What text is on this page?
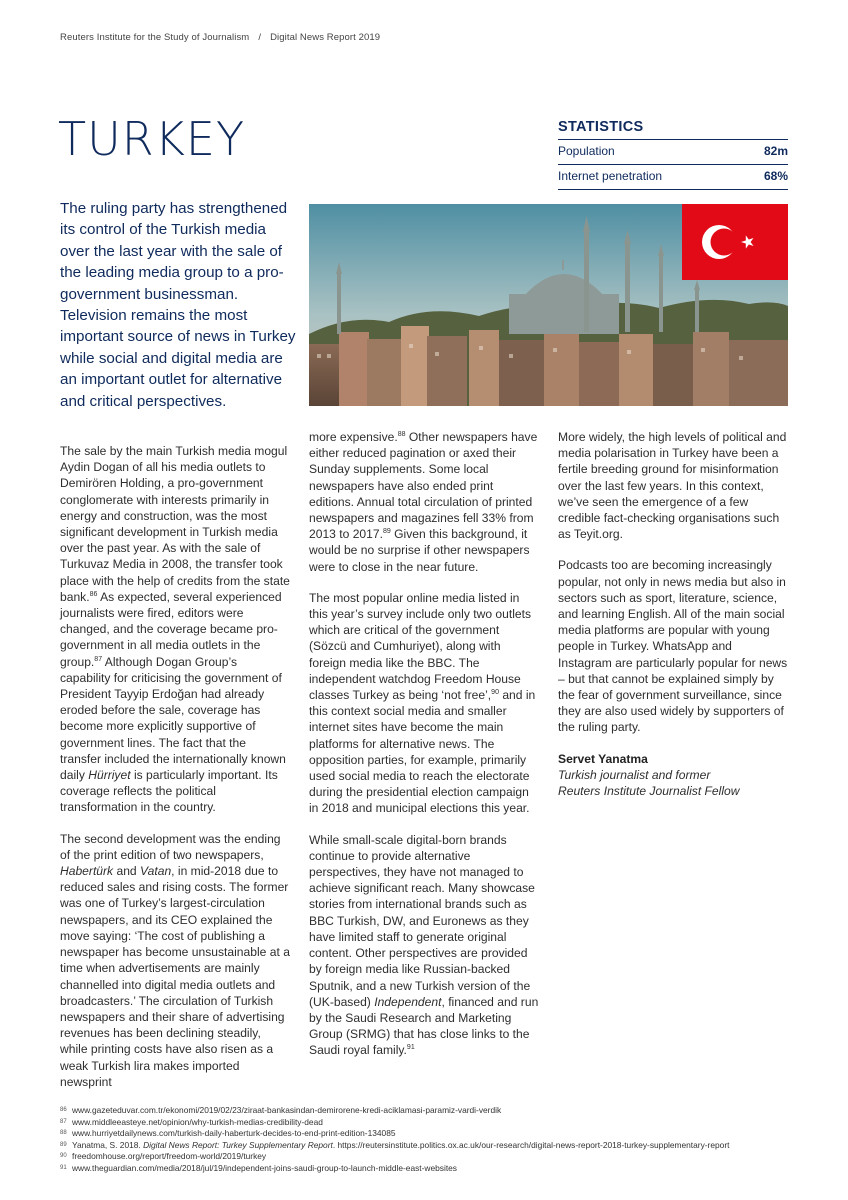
Reuters Institute for the Study of Journalism / Digital News Report 2019
TURKEY	STATISTICS
Population	82m
Internet penetration	68%
The ruling party has strengthened its control of the Turkish media over the last year with the sale of the leading media group to a pro-government businessman. Television remains the most important source of news in Turkey while social and digital media are an important outlet for alternative and critical perspectives.

The sale by the main Turkish media mogul Aydin Dogan of all his media outlets to Demirören Holding, a pro-government conglomerate with interests primarily in energy and construction, was the most significant development in Turkish media over the past year. As with the sale of Turkuvaz Media in 2008, the transfer took place with the help of credits from the state bank.$^{86}$ As expected, several experienced journalists were fired, editors were changed, and the coverage became pro-government in all media outlets in the group.$^{87}$ Although Dogan Group’s capability for criticising the government of President Tayyip Erdoğan had already eroded before the sale, coverage has become more explicitly supportive of government lines. The fact that the transfer included the internationally known daily Hürriyet is particularly important. Its coverage reflects the political transformation in the country.

The second development was the ending of the print edition of two newspapers, Habertürk and Vatan, in mid-2018 due to reduced sales and rising costs. The former was one of Turkey’s largest-circulation newspapers, and its CEO explained the move saying: ‘The cost of publishing a newspaper has become unsustainable at a time when advertisements are mainly channelled into digital media outlets and broadcasters.’ The circulation of Turkish newspapers and their share of advertising revenues has been declining steadily, while printing costs have also risen as a weak Turkish lira makes imported newsprint

more expensive.$^{88}$ Other newspapers have either reduced pagination or axed their Sunday supplements. Some local newspapers have also ended print editions. Annual total circulation of printed newspapers and magazines fell 33% from 2013 to 2017.89 Given this background, it would be no surprise if other newspapers were to close in the near future.

The most popular online media listed in this year’s survey include only two outlets which are critical of the government (Sözcü and Cumhuriyet), along with foreign media like the BBC. The independent watchdog Freedom House classes Turkey as being ‘not free’,$^{90}$ and in this context social media and smaller internet sites have become the main platforms for alternative news. The opposition parties, for example, primarily used social media to reach the electorate during the presidential election campaign in 2018 and municipal elections this year.

While small-scale digital-born brands continue to provide alternative perspectives, they have not managed to achieve significant reach. Many showcase stories from international brands such as BBC Turkish, DW, and Euronews as they have limited staff to generate original content. Other perspectives are provided by foreign media like Russian-backed Sputnik, and a new Turkish version of the (UK-based) Independent, financed and run by the Saudi Research and Marketing Group (SRMG) that has close links to the Saudi royal family.$^{91}$

More widely, the high levels of political and media polarisation in Turkey have been a fertile breeding ground for misinformation over the last few years. In this context, we’ve seen the emergence of a few credible fact-checking organisations such as Teyit.org.

Podcasts too are becoming increasingly popular, not only in news media but also in sectors such as sport, literature, science, and learning English. All of the main social media platforms are popular with young people in Turkey. WhatsApp and Instagram are particularly popular for news – but that cannot be explained simply by the fear of government surveillance, since they are also used widely by supporters of the ruling party.

Servet Yanatma
Turkish journalist and former
Reuters Institute Journalist Fellow
86 www.gazeteduvar.com.tr/ekonomi/2019/02/23/ziraat-bankasindan-demirorene-kredi-aciklamasi-paramiz-vardi-verdik
87 www.middleeasteye.net/opinion/why-turkish-medias-credibility-dead
88 www.hurriyetdailynews.com/turkish-daily-haberturk-decides-to-end-print-edition-134085
89 Yanatma, S. 2018. Digital News Report: Turkey Supplementary Report. https://reutersinstitute.politics.ox.ac.uk/our-research/digital-news-report-2018-turkey-supplementary-report
90 freedomhouse.org/report/freedom-world/2019/turkey
91 www.theguardian.com/media/2018/jul/19/independent-joins-saudi-group-to-launch-middle-east-websites
